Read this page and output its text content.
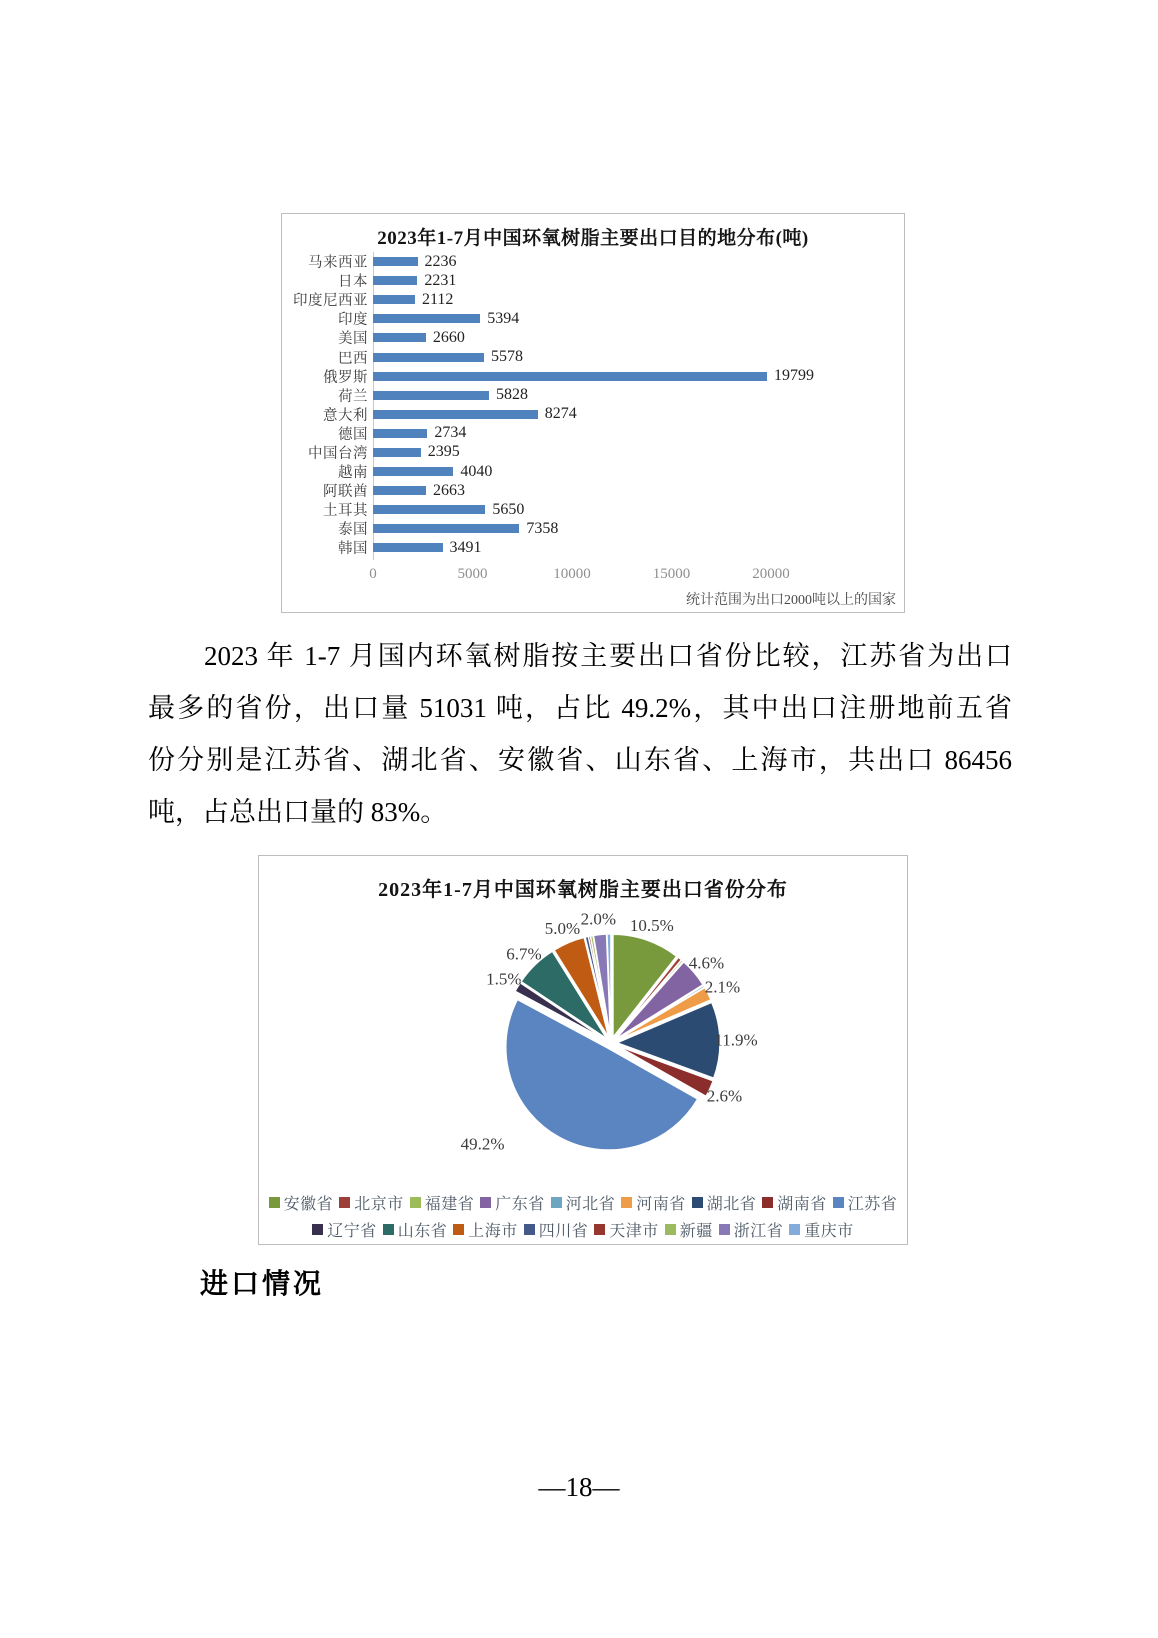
2023年1-7月中国环氧树脂主要出口目的地分布(吨)
马来西亚	2236
日本	2231
印度尼西亚	2112
印度	5394
美国	2660
巴西	5578
俄罗斯	19799
荷兰	5828
意大利	8274
德国	2734
中国台湾	2395
越南	4040
阿联酋	2663
土耳其	5650
泰国	7358
韩国	3491
0	5000	10000	15000	20000
统计范围为出口2000吨以上的国家
2023 年 1-7 月国内环氧树脂按主要出口省份比较，江苏省为出口
最多的省份，出口量 51031 吨，占比 49.2%，其中出口注册地前五省
份分别是江苏省、湖北省、安徽省、山东省、上海市，共出口 86456
吨，占总出口量的 83%。
2023年1-7月中国环氧树脂主要出口省份分布
10.5%
4.6%
2.1%
11.9%
2.6%
49.2%
1.5%
6.7%
5.0% 2.0%
安徽省 北京市 福建省 广东省 河北省 河南省 湖北省 湖南省 江苏省
辽宁省 山东省 上海市 四川省 天津市 新疆 浙江省 重庆市
进口情况
—18—
